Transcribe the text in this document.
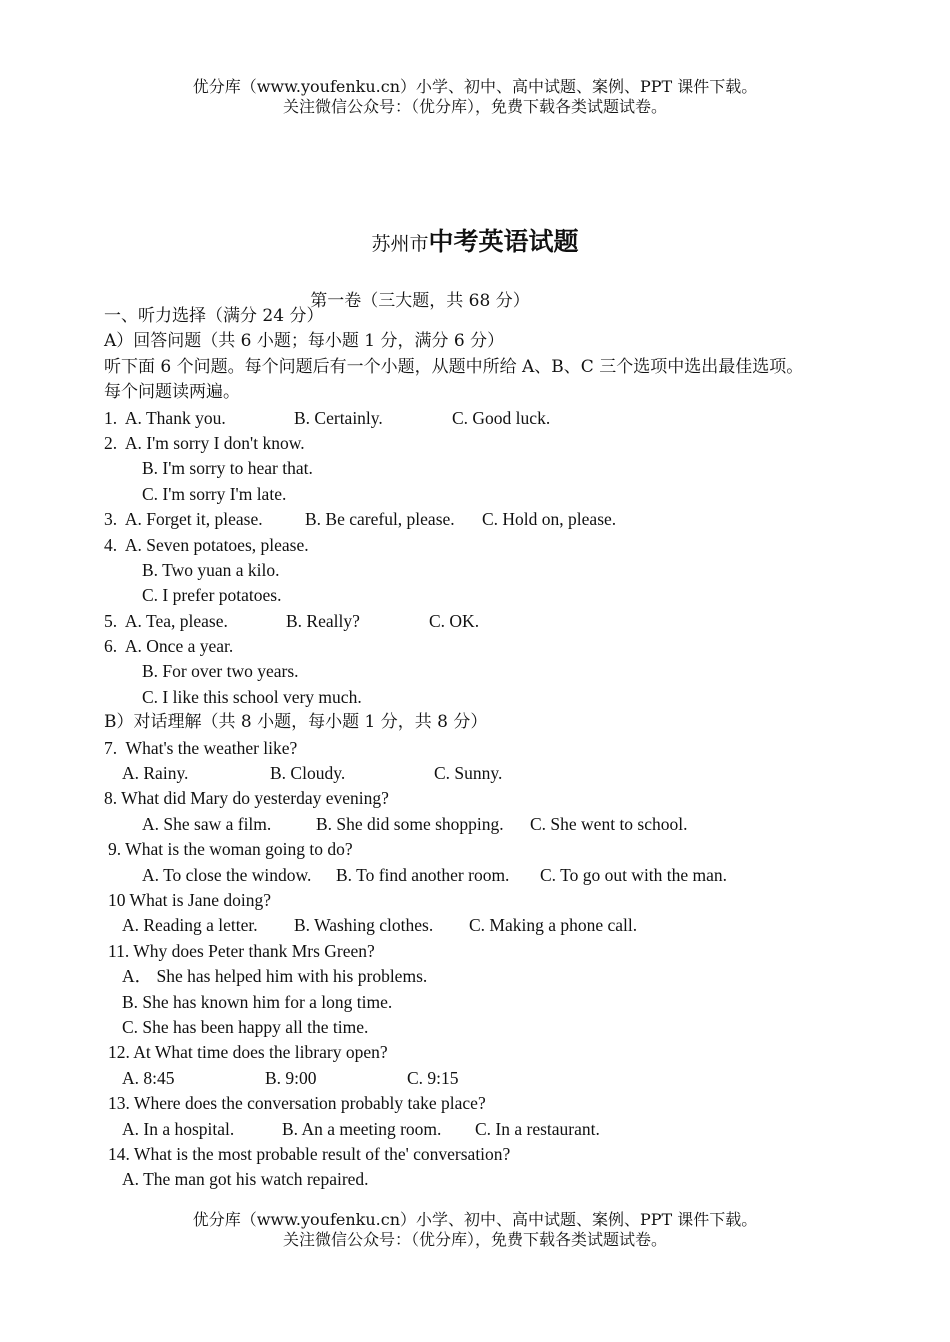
优分库（www.youfenku.cn）小学、初中、高中试题、案例、PPT 课件下载。
关注微信公众号：（优分库），免费下载各类试题试卷。
苏州市中考英语试题
第一卷（三大题，共 68 分）
一、听力选择（满分 24 分）
A）回答问题（共 6 小题；每小题 1 分，满分 6 分）
听下面 6 个问题。每个问题后有一个小题，从题中所给 A、B、C 三个选项中选出最佳选项。
每个问题读两遍。

1.  A. Thank you.

	B. Certainly.

	C. Good luck.

2.  A. I'm sorry I don't know.
B. I'm sorry to hear that.
C. I'm sorry I'm late.

3.  A. Forget it, please.

B. Be careful, please.

C. Hold on, please.

4.  A. Seven potatoes, please.
B. Two yuan a kilo.
C. I prefer potatoes.

5.  A. Tea, please.

	B. Really?

	C. OK.

6.  A. Once a year.
B. For over two years.
C. I like this school very much.
B）对话理解（共 8 小题，每小题 1 分，共 8 分）
7.  What's the weather like?

A. Rainy.

	B. Cloudy.

	C. Sunny.

8. What did Mary do yesterday evening?

A. She saw a film.

	B. She did some shopping.

C. She went to school.

9. What is the woman going to do?

A. To close the window.

B. To find another room.

C. To go out with the man.

10 What is Jane doing?

A. Reading a letter.

B. Washing clothes.

C. Making a phone call.

11. Why does Peter thank Mrs Green?
A． She has helped him with his problems.
B. She has known him for a long time.
C. She has been happy all the time.
12. At What time does the library open?

A. 8:45

	B. 9:00

	C. 9:15

13. Where does the conversation probably take place?

A. In a hospital.

	B. An a meeting room.

C. In a restaurant.

14. What is the most probable result of the' conversation?
A. The man got his watch repaired.
优分库（www.youfenku.cn）小学、初中、高中试题、案例、PPT 课件下载。
关注微信公众号：（优分库），免费下载各类试题试卷。
